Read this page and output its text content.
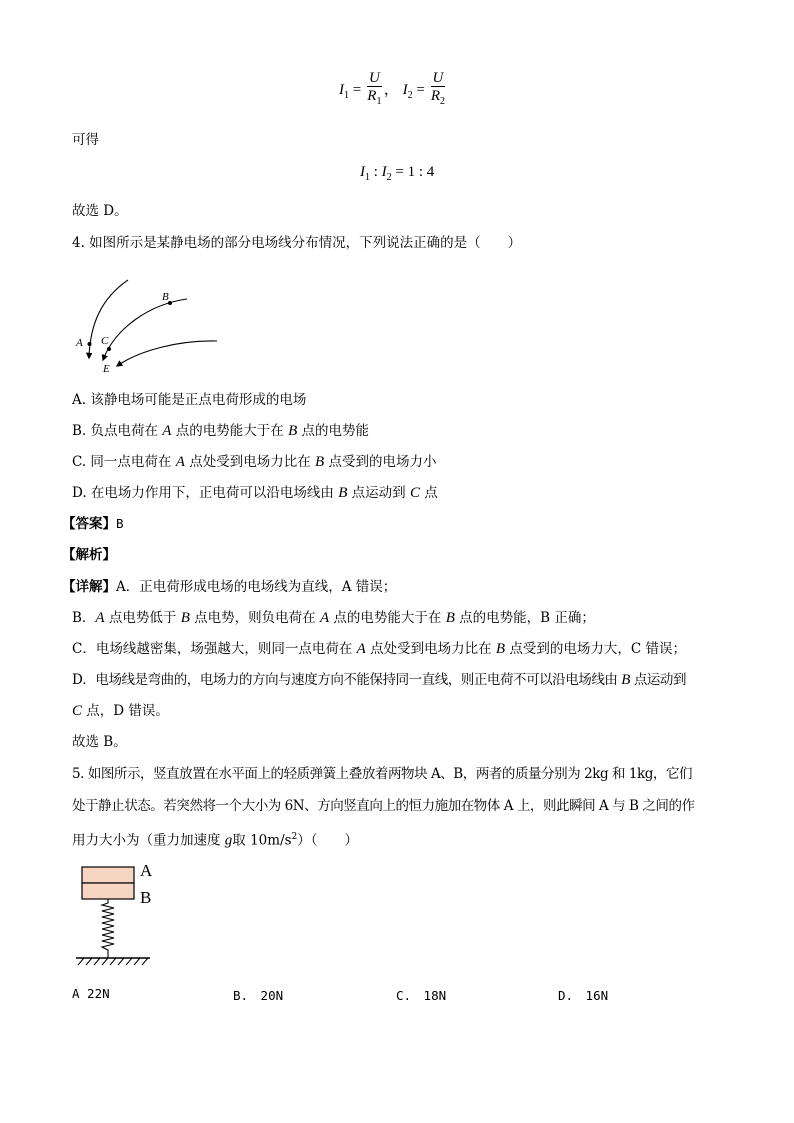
$I_1 = \frac{U}{R_1}$ ， $I_2 = \frac{U}{R_2}$
可得
$I_1$ : $I_2 = 1$ : 4
故选 D。
4. 如图所示是某静电场的部分电场线分布情况，下列说法正确的是（　　）
A
B
C
E
A. 该静电场可能是正点电荷形成的电场
B. 负点电荷在 A 点的电势能大于在 B 点的电势能
C. 同一点电荷在 A 点处受到电场力比在 B 点受到的电场力小
D. 在电场力作用下，正电荷可以沿电场线由 B 点运动到 C 点
【答案】B
【解析】
【详解】A．正电荷形成电场的电场线为直线，A 错误；
B．A 点电势低于 B 点电势，则负电荷在 A 点的电势能大于在 B 点的电势能，B 正确；
C．电场线越密集，场强越大，则同一点电荷在 A 点处受到电场力比在 B 点受到的电场力大，C 错误；
D．电场线是弯曲的，电场力的方向与速度方向不能保持同一直线，则正电荷不可以沿电场线由 B 点运动到
C 点，D 错误。
故选 B。
5. 如图所示，竖直放置在水平面上的轻质弹簧上叠放着两物块 A、B，两者的质量分别为 2kg 和 1kg，它们
处于静止状态。若突然将一个大小为 6N、方向竖直向上的恒力施加在物体 A 上，则此瞬间 A 与 B 之间的作
用力大小为（重力加速度 g取 $10m/s^2$）（　　）
A
B
A 22N	B.　20N	C.　18N	D.　16N
